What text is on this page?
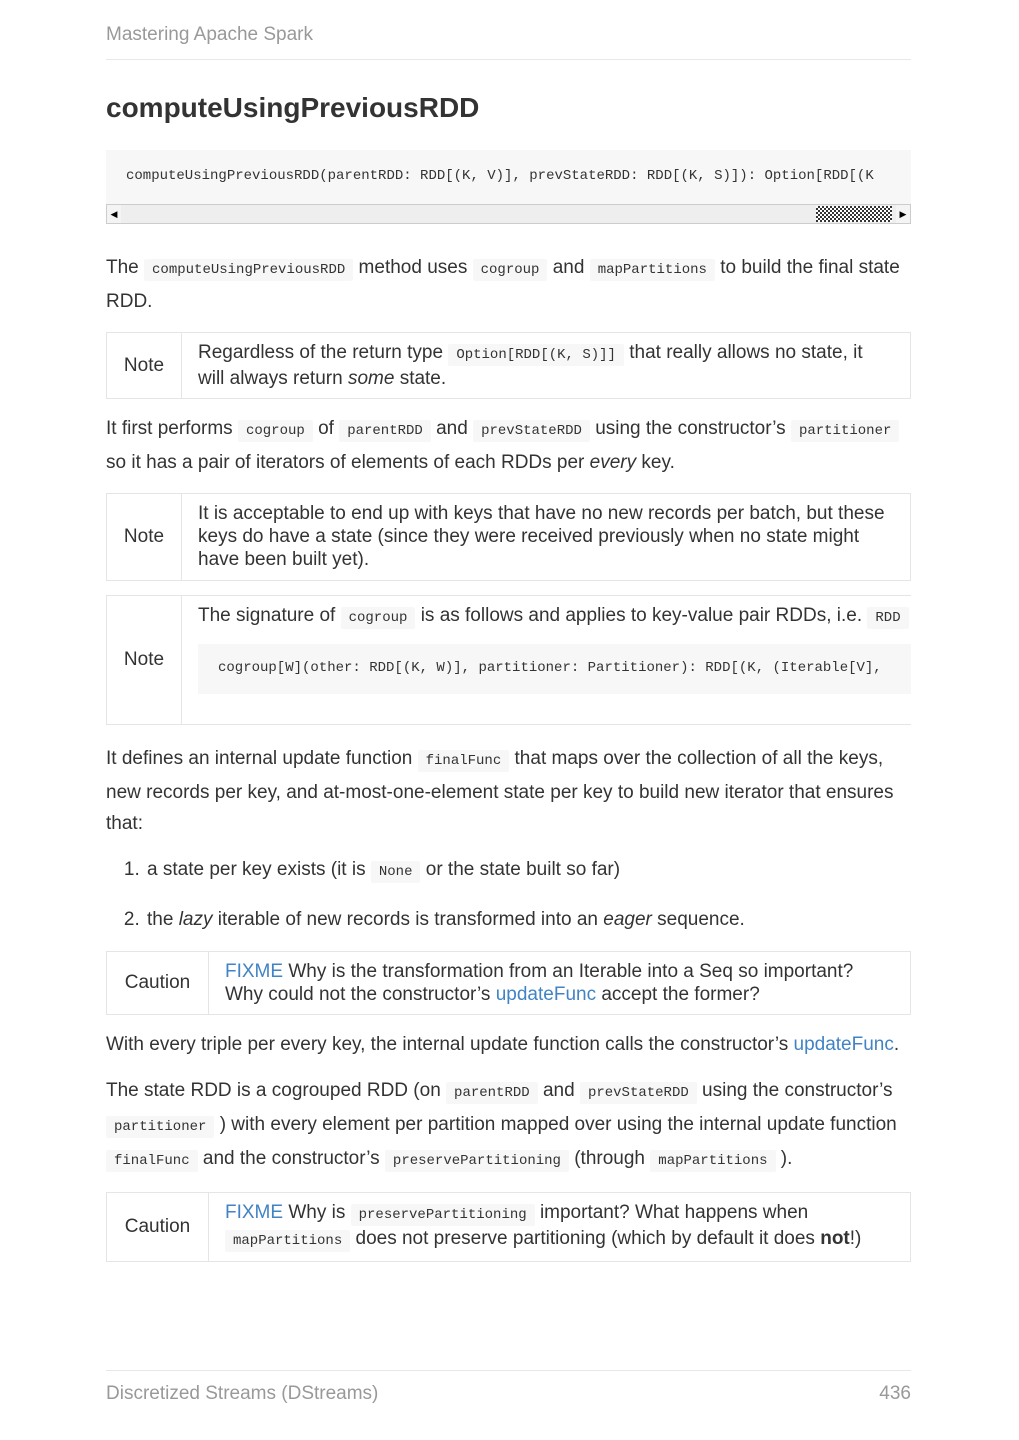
Mastering Apache Spark
computeUsingPreviousRDD
computeUsingPreviousRDD(parentRDD: RDD[(K, V)], prevStateRDD: RDD[(K, S)]): Option[RDD[(K
◀	▶

The computeUsingPreviousRDD method uses cogroup and mapPartitions to build the final state RDD.

Note
Regardless of the return type Option[RDD[(K, S)]] that really allows no state, it will always return some state.

It first performs cogroup of parentRDD and prevStateRDD using the constructor’s partitioner so it has a pair of iterators of elements of each RDDs per every key.

Note
It is acceptable to end up with keys that have no new records per batch, but these keys do have a state (since they were received previously when no state might have been built yet).
Note
The signature of cogroup is as follows and applies to key-value pair RDDs, i.e. RDD
cogroup[W](other: RDD[(K, W)], partitioner: Partitioner): RDD[(K, (Iterable[V],

It defines an internal update function finalFunc that maps over the collection of all the keys, new records per key, and at-most-one-element state per key to build new iterator that ensures that:

1. a state per key exists (it is None or the state built so far)
2. the lazy iterable of new records is transformed into an eager sequence.
Caution
FIXME Why is the transformation from an Iterable into a Seq so important? Why could not the constructor’s updateFunc accept the former?

With every triple per every key, the internal update function calls the constructor’s updateFunc.

The state RDD is a cogrouped RDD (on parentRDD and prevStateRDD using the constructor’s partitioner ) with every element per partition mapped over using the internal update function finalFunc and the constructor’s preservePartitioning (through mapPartitions ).

Caution
FIXME Why is preservePartitioning important? What happens when mapPartitions does not preserve partitioning (which by default it does not!)
Discretized Streams (DStreams)	436
